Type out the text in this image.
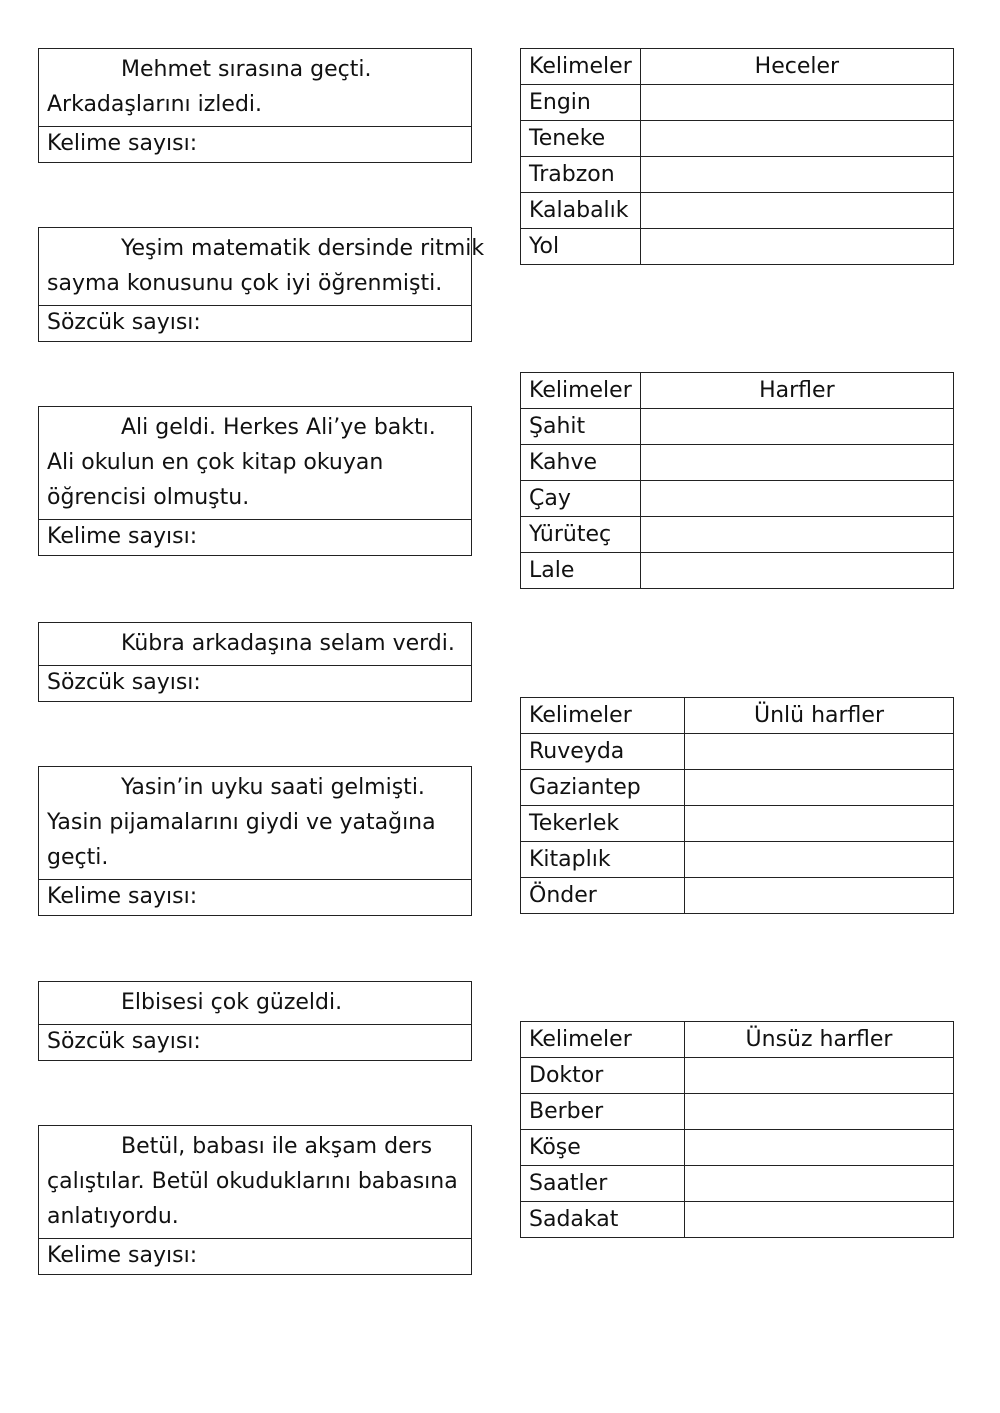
Mehmet sırasına geçti.
Arkadaşlarını izledi.
Kelime sayısı:
Yeşim matematik dersinde ritmik
sayma konusunu çok iyi öğrenmişti.
Sözcük sayısı:
Ali geldi. Herkes Ali’ye baktı.
Ali okulun en çok kitap okuyan
öğrencisi olmuştu.
Kelime sayısı:
Kübra arkadaşına selam verdi.
Sözcük sayısı:
Yasin’in uyku saati gelmişti.
Yasin pijamalarını giydi ve yatağına
geçti.
Kelime sayısı:
Elbisesi çok güzeldi.
Sözcük sayısı:
Betül, babası ile akşam ders
çalıştılar. Betül okuduklarını babasına
anlatıyordu.
Kelime sayısı:
Kelimeler	Heceler
Engin	
Teneke	
Trabzon	
Kalabalık	
Yol	
Kelimeler	Harfler
Şahit	
Kahve	
Çay	
Yürüteç	
Lale	
Kelimeler	Ünlü harfler
Ruveyda	
Gaziantep	
Tekerlek	
Kitaplık	
Önder	
Kelimeler	Ünsüz harfler
Doktor	
Berber	
Köşe	
Saatler	
Sadakat	
